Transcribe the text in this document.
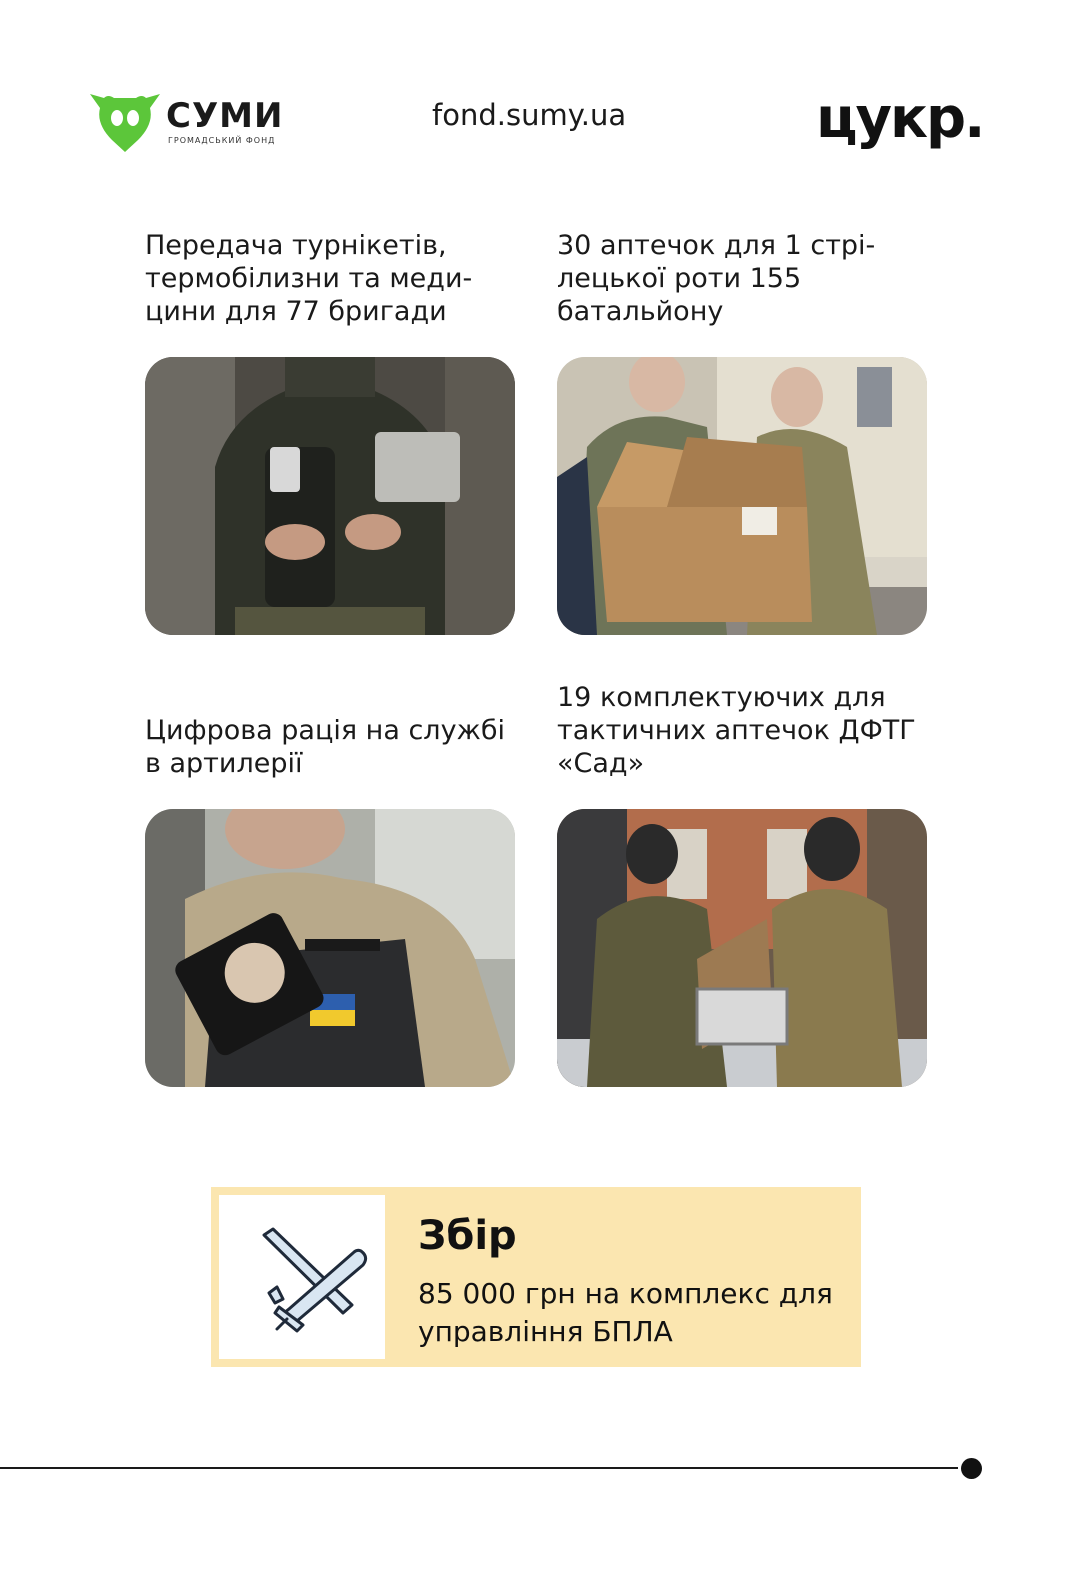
СУМИ
ГРОМАДСЬКИЙ ФОНД
fond.sumy.ua	цукр.
Передача турнікетів, термобілизни та меди-цини для 77 бригади
30 аптечок для 1 стрі-лецької роти 155 батальйону
Цифрова рація на службі в артилерії
19 комплектуючих для тактичних аптечок ДФТГ «Сад»
Збір
85 000 грн на комплекс для управління БПЛА
